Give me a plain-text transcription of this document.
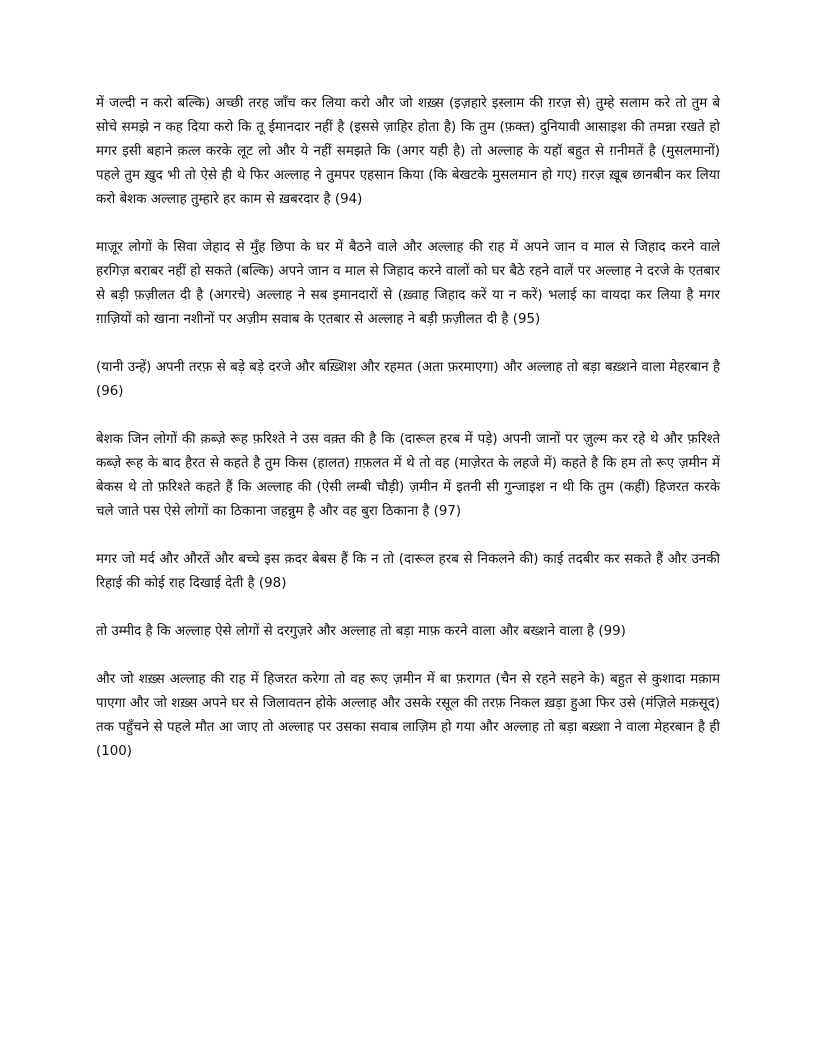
में जल्दी न करो बल्कि) अच्छी तरह जाँच कर लिया करो और जो शख़्स (इज़हारे इस्लाम की ग़रज़ से) तुम्हे सलाम करे तो तुम बे सोचे समझे न कह दिया करो कि तू ईमानदार नहीं है (इससे ज़ाहिर होता है) कि तुम (फ़क्त) दुनियावी आसाइश की तमन्ना रखते हो मगर इसी बहाने क़त्ल करके लूट लो और ये नहीं समझते कि (अगर यही है) तो अल्लाह के यहॉ बहुत से ग़नीमतें है (मुसलमानों) पहले तुम ख़ुद भी तो ऐसे ही थे फिर अल्लाह ने तुमपर एहसान किया (कि बेखटके मुसलमान हो गए) ग़रज़ ख़ूब छानबीन कर लिया करो बेशक अल्लाह तुम्हारे हर काम से ख़बरदार है (94)

माज़ूर लोगों के सिवा जेहाद से मुँह छिपा के घर में बैठने वाले और अल्लाह की राह में अपने जान व माल से जिहाद करने वाले हरगिज़ बराबर नहीं हो सकते (बल्कि) अपने जान व माल से जिहाद करने वालों को घर बैठे रहने वालें पर अल्लाह ने दरजे के एतबार से बड़ी फ़ज़ीलत दी है (अगरचे) अल्लाह ने सब इमानदारों से (ख़्वाह जिहाद करें या न करें) भलाई का वायदा कर लिया है मगर ग़ाज़ियों को खाना नशीनों पर अज़ीम सवाब के एतबार से अल्लाह ने बड़ी फ़ज़ीलत दी है (95)

(यानी उन्हें) अपनी तरफ़ से बड़े बड़े दरजे और बख़्शिश और रहमत (अता फ़रमाएगा) और अल्लाह तो बड़ा बख़्शने वाला मेहरबान है (96)

बेशक जिन लोगों की क़ब्ज़े रूह फ़रिश्ते ने उस वक़्त की है कि (दारूल हरब में पड़े) अपनी जानों पर ज़ुल्म कर रहे थे और फ़रिश्ते कब्ज़े रूह के बाद हैरत से कहते है तुम किस (हालत) ग़फ़लत में थे तो वह (माज़ेरत के लहजे में) कहते है कि हम तो रूए ज़मीन में बेकस थे तो फ़रिश्ते कहते हैं कि अल्लाह की (ऐसी लम्बी चौड़ी) ज़मीन में इतनी सी गुन्जाइश न थी कि तुम (कहीं) हिजरत करके चले जाते पस ऐसे लोगों का ठिकाना जहन्नुम है और वह बुरा ठिकाना है (97)

मगर जो मर्द और औरतें और बच्चे इस क़दर बेबस हैं कि न तो (दारूल हरब से निकलने की) काई तदबीर कर सकते हैं और उनकी रिहाई की कोई राह दिखाई देती है (98)

तो उम्मीद है कि अल्लाह ऐसे लोगों से दरगुज़रे और अल्लाह तो बड़ा माफ़ करने वाला और बख्शने वाला है (99)

और जो शख़्स अल्लाह की राह में हिजरत करेगा तो वह रूए ज़मीन में बा फ़रागत (चैन से रहने सहने के) बहुत से कुशादा मक़ाम पाएगा और जो शख़्स अपने घर से जिलावतन होके अल्लाह और उसके रसूल की तरफ़ निकल ख़ड़ा हुआ फिर उसे (मंज़िले मक़सूद) तक पहुँचने से पहले मौत आ जाए तो अल्लाह पर उसका सवाब लाज़िम हो गया और अल्लाह तो बड़ा बख़्शा ने वाला मेहरबान है ही (100)
